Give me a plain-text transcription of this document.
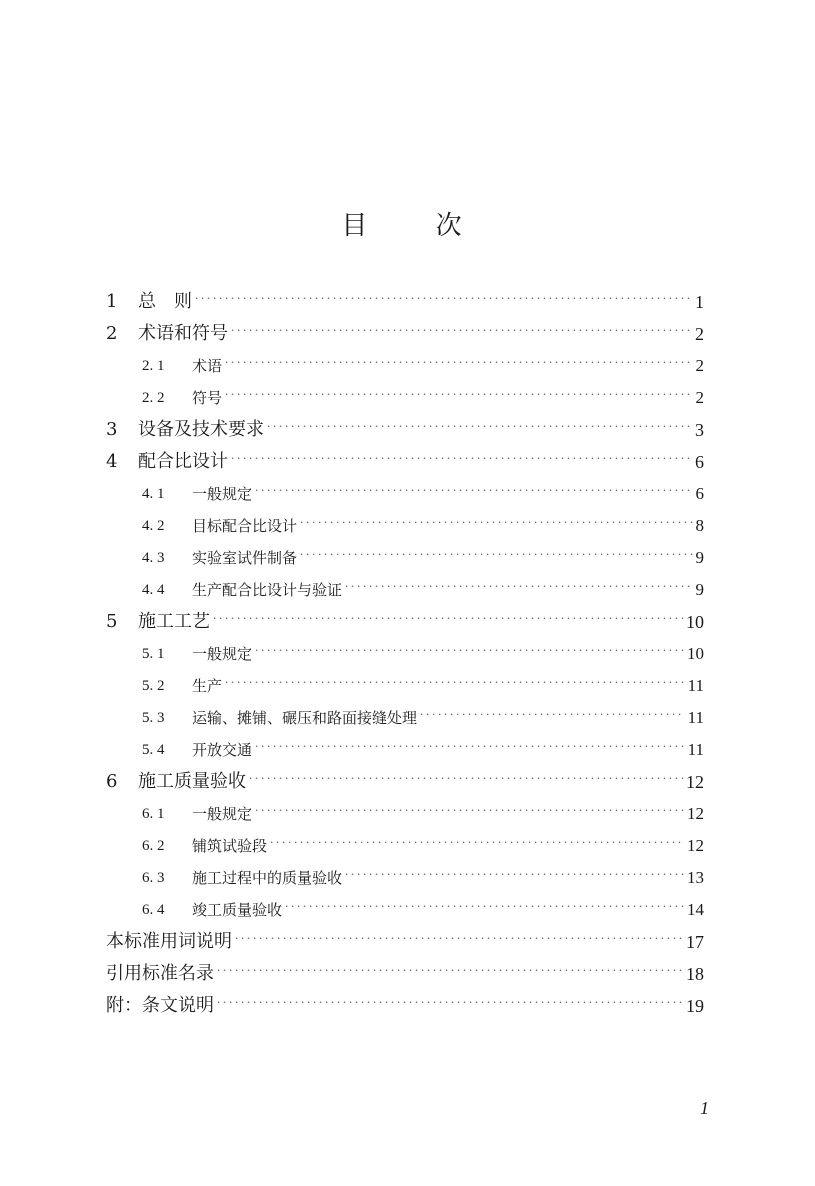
目 次
1	总　则 ·····	1
2	术语和符号 ·····	2
2. 1	术语 ·····	2
2. 2	符号 ·····	2
3	设备及技术要求 ·····	3
4	配合比设计 ·····	6
4. 1	一般规定 ·····	6
4. 2	目标配合比设计 ·····	8
4. 3	实验室试件制备 ·····	9
4. 4	生产配合比设计与验证 ·····	9
5	施工工艺 ·····	10
5. 1	一般规定 ·····	10
5. 2	生产 ·····	11
5. 3	运输、摊铺、碾压和路面接缝处理 ·····	11
5. 4	开放交通 ·····	11
6	施工质量验收 ·····	12
6. 1	一般规定 ·····	12
6. 2	铺筑试验段 ·····	12
6. 3	施工过程中的质量验收 ·····	13
6. 4	竣工质量验收 ·····	14
本标准用词说明 ·····	17
引用标准名录 ·····	18
附：条文说明 ·····	19
1
